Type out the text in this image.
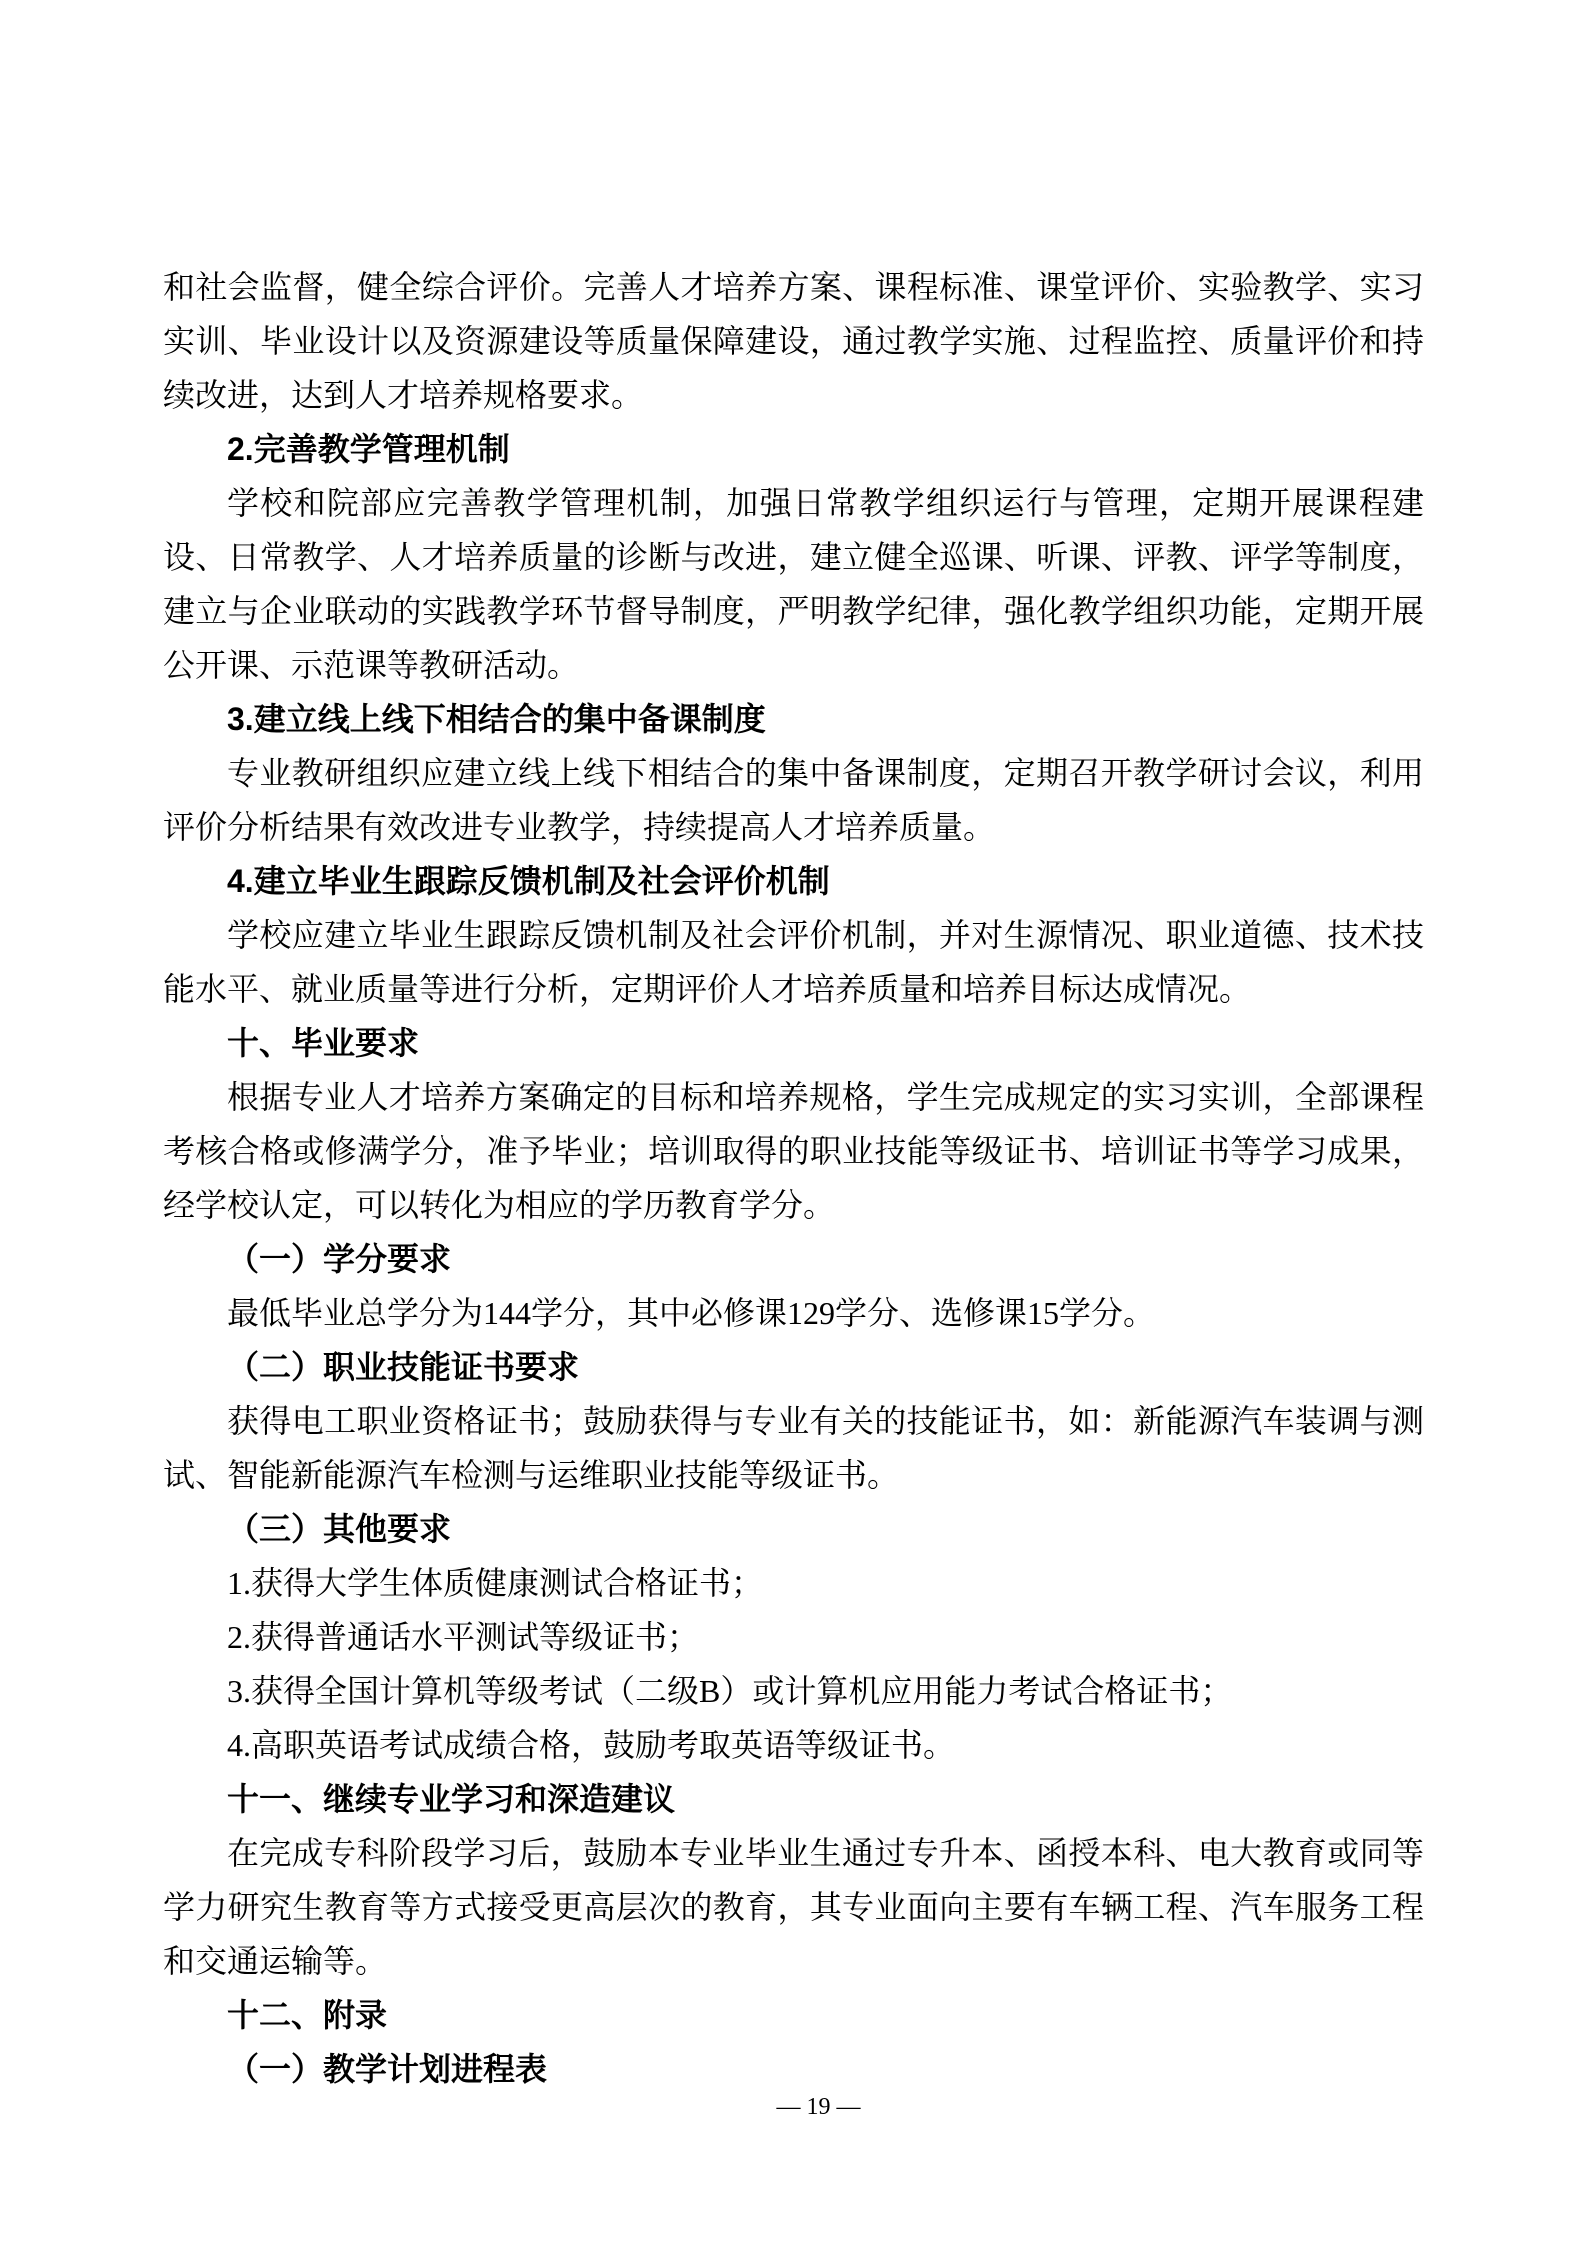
和社会监督，健全综合评价。完善人才培养方案、课程标准、课堂评价、实验教学、实习实训、毕业设计以及资源建设等质量保障建设，通过教学实施、过程监控、质量评价和持续改进，达到人才培养规格要求。

2.完善教学管理机制

学校和院部应完善教学管理机制，加强日常教学组织运行与管理，定期开展课程建设、日常教学、人才培养质量的诊断与改进，建立健全巡课、听课、评教、评学等制度，建立与企业联动的实践教学环节督导制度，严明教学纪律，强化教学组织功能，定期开展公开课、示范课等教研活动。

3.建立线上线下相结合的集中备课制度

专业教研组织应建立线上线下相结合的集中备课制度，定期召开教学研讨会议，利用评价分析结果有效改进专业教学，持续提高人才培养质量。

4.建立毕业生跟踪反馈机制及社会评价机制

学校应建立毕业生跟踪反馈机制及社会评价机制，并对生源情况、职业道德、技术技能水平、就业质量等进行分析，定期评价人才培养质量和培养目标达成情况。

十、毕业要求

根据专业人才培养方案确定的目标和培养规格，学生完成规定的实习实训，全部课程考核合格或修满学分，准予毕业；培训取得的职业技能等级证书、培训证书等学习成果，经学校认定，可以转化为相应的学历教育学分。

（一）学分要求

最低毕业总学分为144学分，其中必修课129学分、选修课15学分。

（二）职业技能证书要求

获得电工职业资格证书；鼓励获得与专业有关的技能证书，如：新能源汽车装调与测试、智能新能源汽车检测与运维职业技能等级证书。

（三）其他要求

1.获得大学生体质健康测试合格证书；

2.获得普通话水平测试等级证书；

3.获得全国计算机等级考试（二级B）或计算机应用能力考试合格证书；

4.高职英语考试成绩合格，鼓励考取英语等级证书。

十一、继续专业学习和深造建议

在完成专科阶段学习后，鼓励本专业毕业生通过专升本、函授本科、电大教育或同等学力研究生教育等方式接受更高层次的教育，其专业面向主要有车辆工程、汽车服务工程和交通运输等。

十二、附录
（一）教学计划进程表
— 19 —
